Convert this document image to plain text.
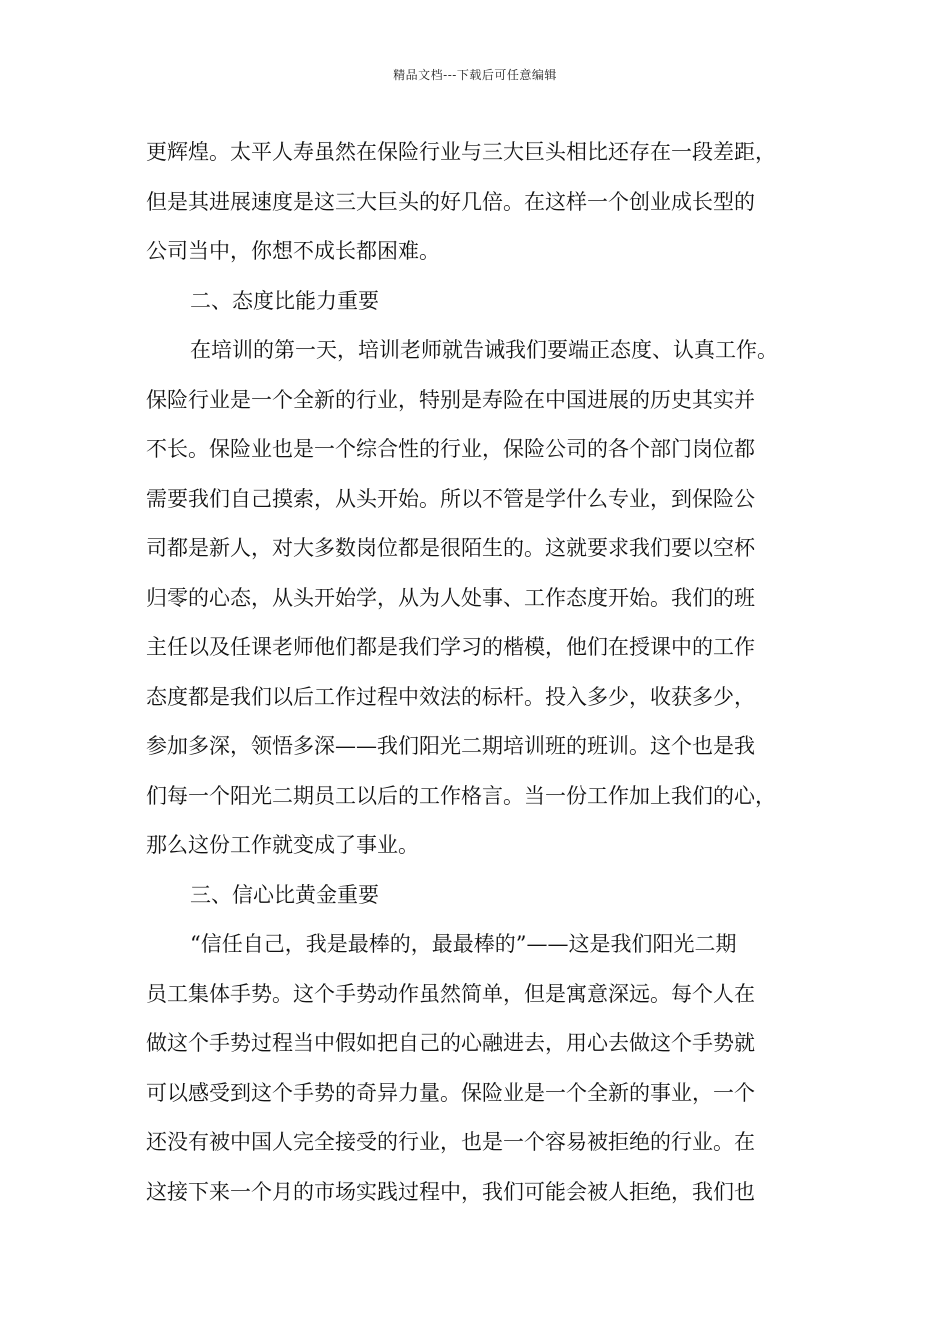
精品文档---下载后可任意编辑
更辉煌。太平人寿虽然在保险行业与三大巨头相比还存在一段差距，
但是其进展速度是这三大巨头的好几倍。在这样一个创业成长型的
公司当中，你想不成长都困难。
二、态度比能力重要
在培训的第一天，培训老师就告诫我们要端正态度、认真工作。
保险行业是一个全新的行业，特别是寿险在中国进展的历史其实并
不长。保险业也是一个综合性的行业，保险公司的各个部门岗位都
需要我们自己摸索，从头开始。所以不管是学什么专业，到保险公
司都是新人，对大多数岗位都是很陌生的。这就要求我们要以空杯
归零的心态，从头开始学，从为人处事、工作态度开始。我们的班
主任以及任课老师他们都是我们学习的楷模，他们在授课中的工作
态度都是我们以后工作过程中效法的标杆。投入多少，收获多少，
参加多深，领悟多深——我们阳光二期培训班的班训。这个也是我
们每一个阳光二期员工以后的工作格言。当一份工作加上我们的心，
那么这份工作就变成了事业。
三、信心比黄金重要
“信任自己，我是最棒的，最最棒的”——这是我们阳光二期
员工集体手势。这个手势动作虽然简单，但是寓意深远。每个人在
做这个手势过程当中假如把自己的心融进去，用心去做这个手势就
可以感受到这个手势的奇异力量。保险业是一个全新的事业，一个
还没有被中国人完全接受的行业，也是一个容易被拒绝的行业。在
这接下来一个月的市场实践过程中，我们可能会被人拒绝，我们也
